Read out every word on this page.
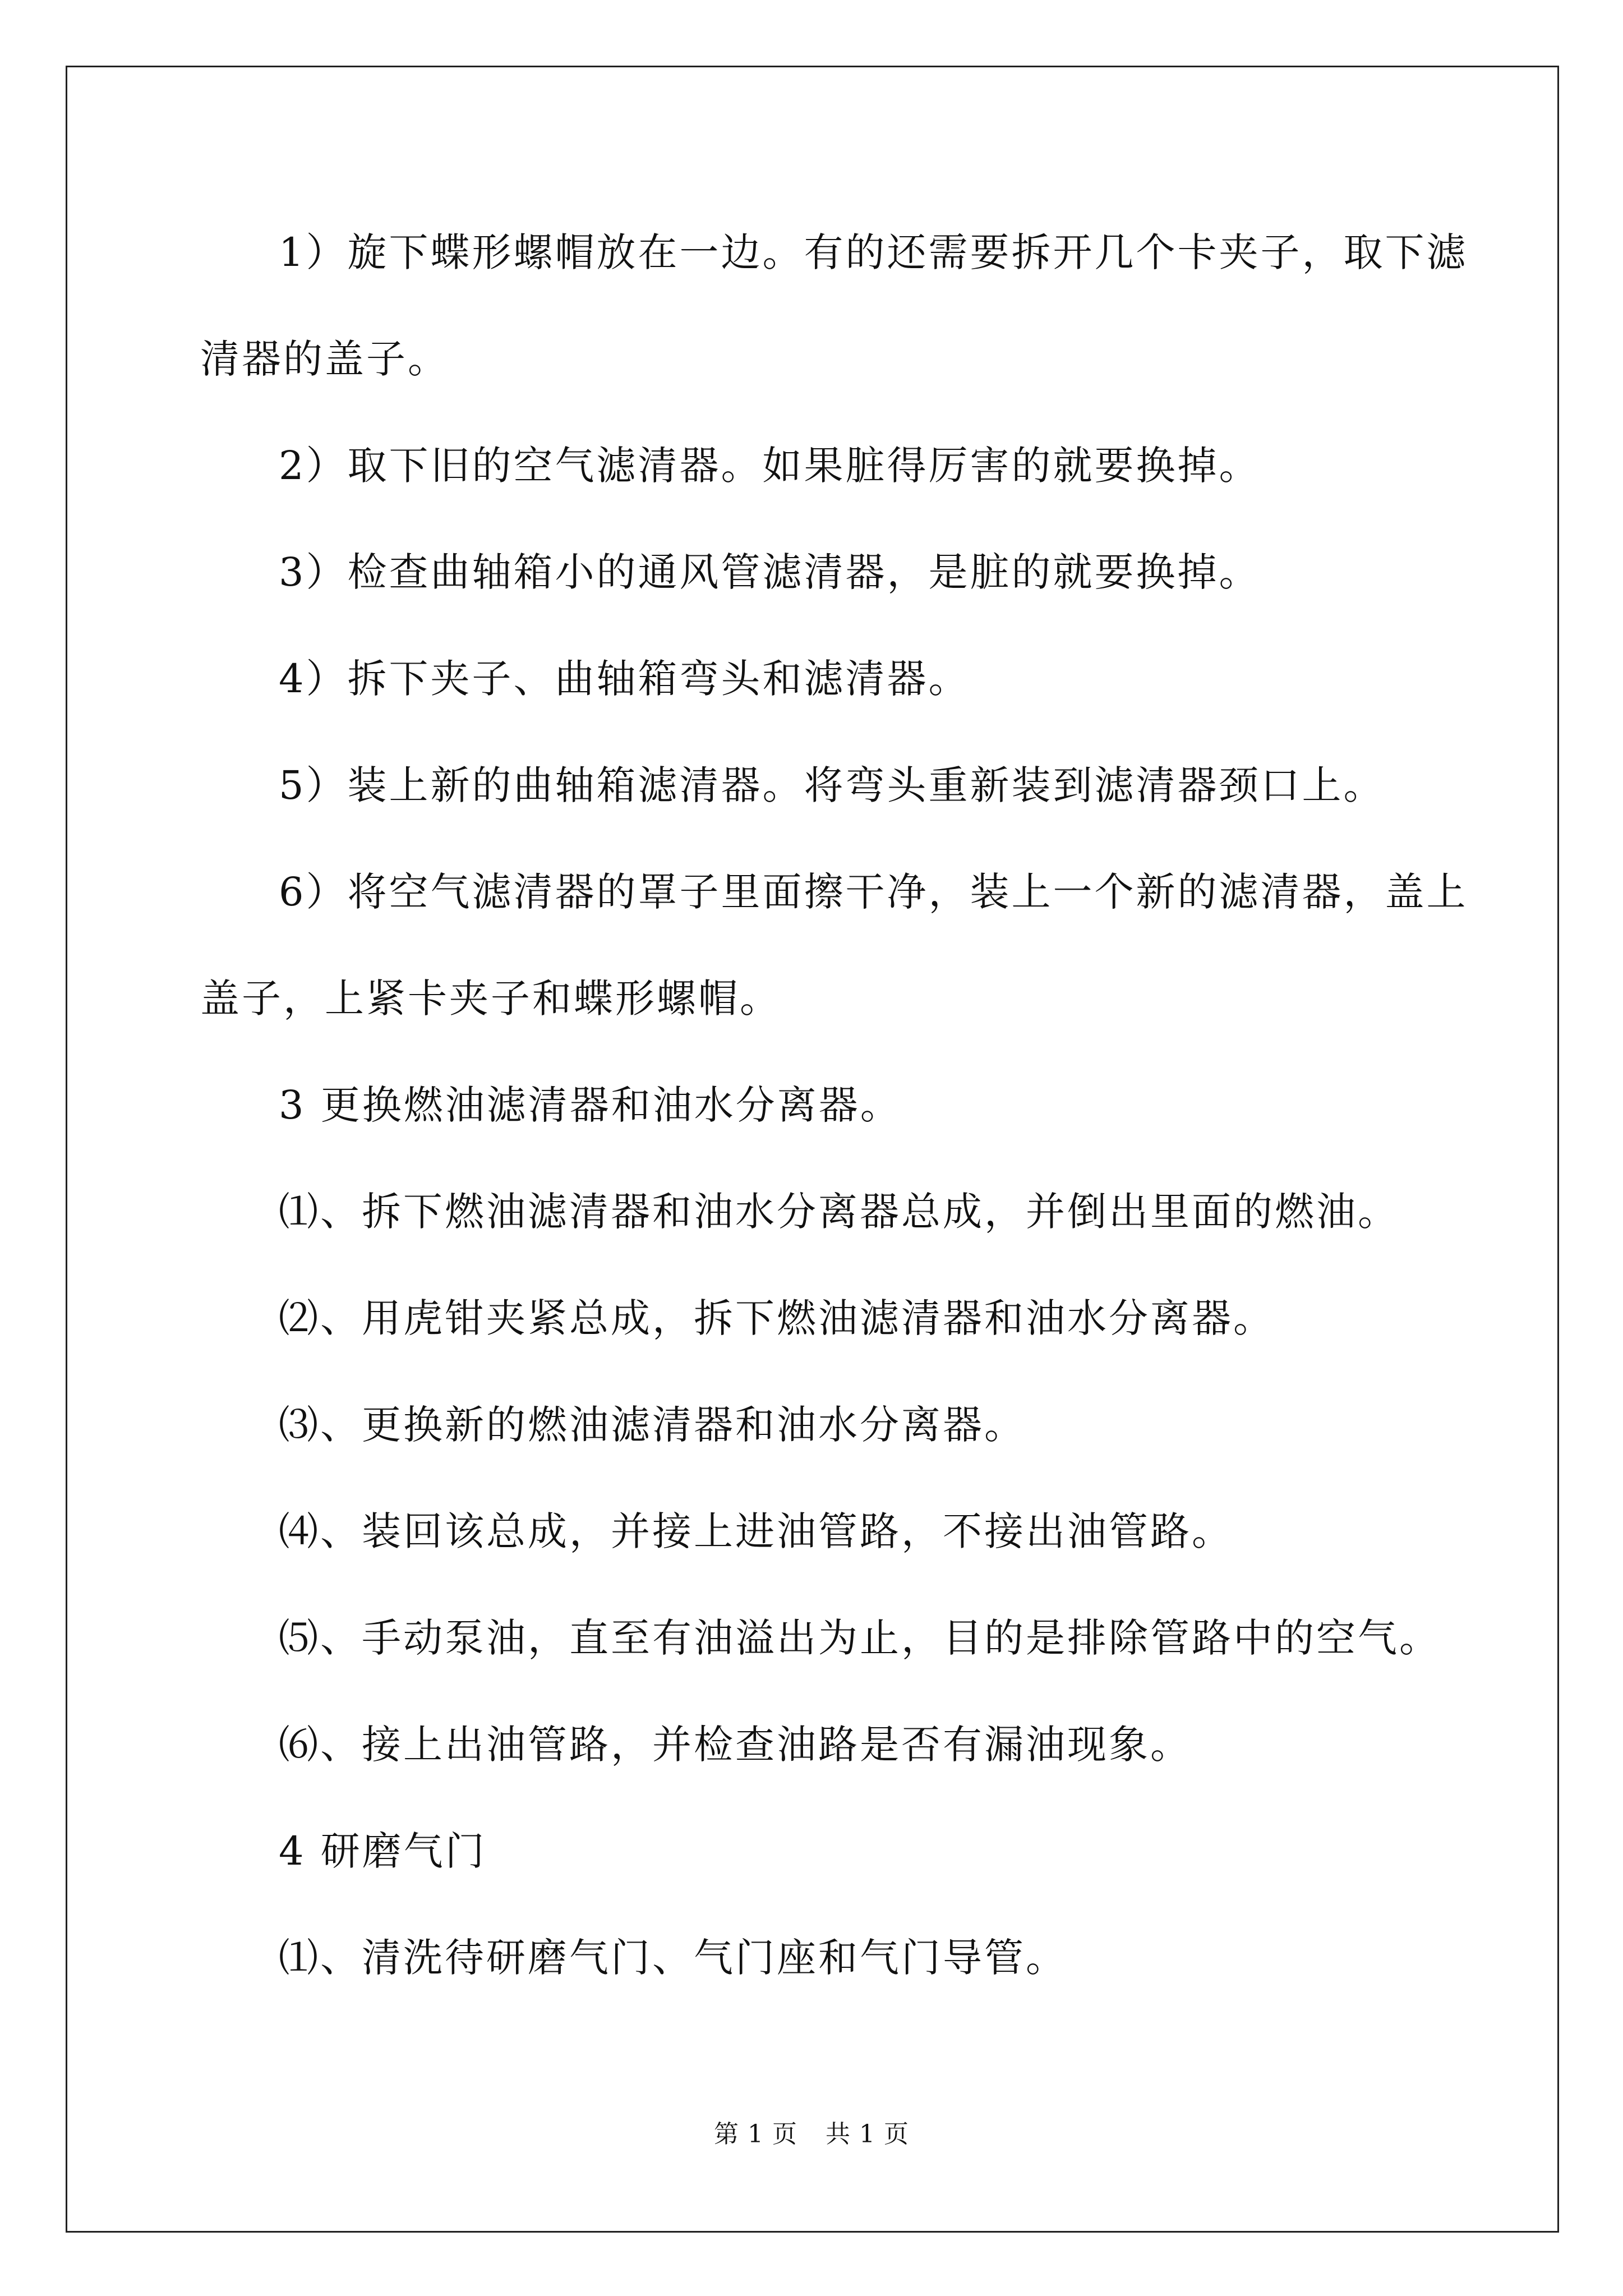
1）旋下蝶形螺帽放在一边。有的还需要拆开几个卡夹子，取下滤

清器的盖子。

2）取下旧的空气滤清器。如果脏得厉害的就要换掉。

3）检查曲轴箱小的通风管滤清器，是脏的就要换掉。

4）拆下夹子、曲轴箱弯头和滤清器。

5）装上新的曲轴箱滤清器。将弯头重新装到滤清器颈口上。

6）将空气滤清器的罩子里面擦干净，装上一个新的滤清器，盖上

盖子，上紧卡夹子和蝶形螺帽。

3 更换燃油滤清器和油水分离器。

⑴、拆下燃油滤清器和油水分离器总成，并倒出里面的燃油。

⑵、用虎钳夹紧总成，拆下燃油滤清器和油水分离器。

⑶、更换新的燃油滤清器和油水分离器。

⑷、装回该总成，并接上进油管路，不接出油管路。

⑸、手动泵油，直至有油溢出为止，目的是排除管路中的空气。

⑹、接上出油管路，并检查油路是否有漏油现象。

4 研磨气门

⑴、清洗待研磨气门、气门座和气门导管。

第 1 页 共 1 页
